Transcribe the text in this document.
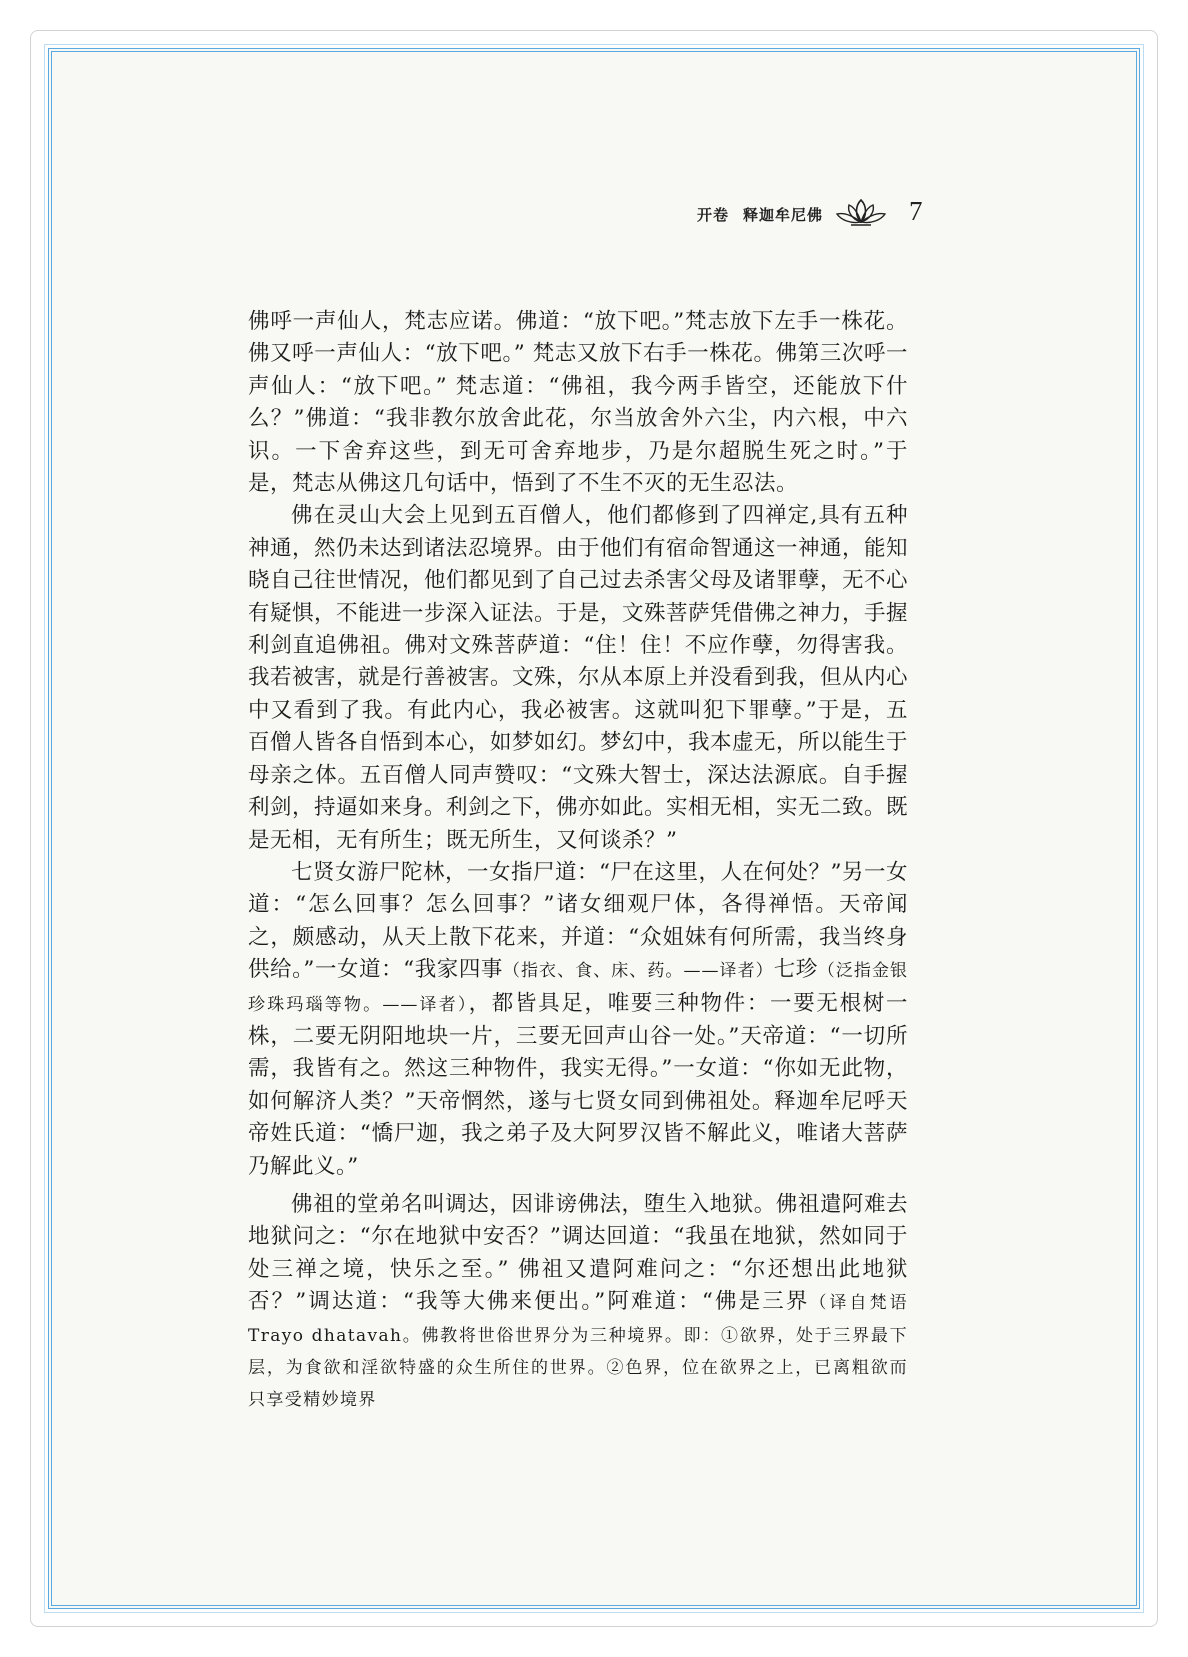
开卷 释迦牟尼佛	7

佛呼一声仙人，梵志应诺。佛道：“放下吧。”梵志放下左手一株花。佛又呼一声仙人：“放下吧。” 梵志又放下右手一株花。佛第三次呼一声仙人：“放下吧。” 梵志道：“佛祖，我今两手皆空，还能放下什么？”佛道：“我非教尔放舍此花，尔当放舍外六尘，内六根，中六识。一下舍弃这些，到无可舍弃地步，乃是尔超脱生死之时。”于是，梵志从佛这几句话中，悟到了不生不灭的无生忍法。

佛在灵山大会上见到五百僧人，他们都修到了四禅定,具有五种神通，然仍未达到诸法忍境界。由于他们有宿命智通这一神通，能知晓自己往世情况，他们都见到了自己过去杀害父母及诸罪孽，无不心有疑惧，不能进一步深入证法。于是，文殊菩萨凭借佛之神力，手握利剑直追佛祖。佛对文殊菩萨道：“住！住！不应作孽，勿得害我。我若被害，就是行善被害。文殊，尔从本原上并没看到我，但从内心中又看到了我。有此内心，我必被害。这就叫犯下罪孽。”于是，五百僧人皆各自悟到本心，如梦如幻。梦幻中，我本虚无，所以能生于母亲之体。五百僧人同声赞叹：“文殊大智士，深达法源底。自手握利剑，持逼如来身。利剑之下，佛亦如此。实相无相，实无二致。既是无相，无有所生；既无所生，又何谈杀？”

七贤女游尸陀林，一女指尸道：“尸在这里，人在何处？”另一女道：“怎么回事？怎么回事？”诸女细观尸体，各得禅悟。天帝闻之，颇感动，从天上散下花来，并道：“众姐妹有何所需，我当终身供给。”一女道：“我家四事（指衣、食、床、药。——译者）七珍（泛指金银珍珠玛瑙等物。——译者），都皆具足，唯要三种物件：一要无根树一株，二要无阴阳地块一片，三要无回声山谷一处。”天帝道：“一切所需，我皆有之。然这三种物件，我实无得。”一女道：“你如无此物，如何解济人类？”天帝惘然，遂与七贤女同到佛祖处。释迦牟尼呼天帝姓氏道：“憍尸迦，我之弟子及大阿罗汉皆不解此义，唯诸大菩萨乃解此义。”

佛祖的堂弟名叫调达，因诽谤佛法，堕生入地狱。佛祖遣阿难去地狱问之：“尔在地狱中安否？”调达回道：“我虽在地狱，然如同于处三禅之境，快乐之至。” 佛祖又遣阿难问之：“尔还想出此地狱否？”调达道：“我等大佛来便出。”阿难道：“佛是三界（译自梵语 Trayo dhatavah。佛教将世俗世界分为三种境界。即：①欲界，处于三界最下层，为食欲和淫欲特盛的众生所住的世界。②色界，位在欲界之上，已离粗欲而只享受精妙境界
